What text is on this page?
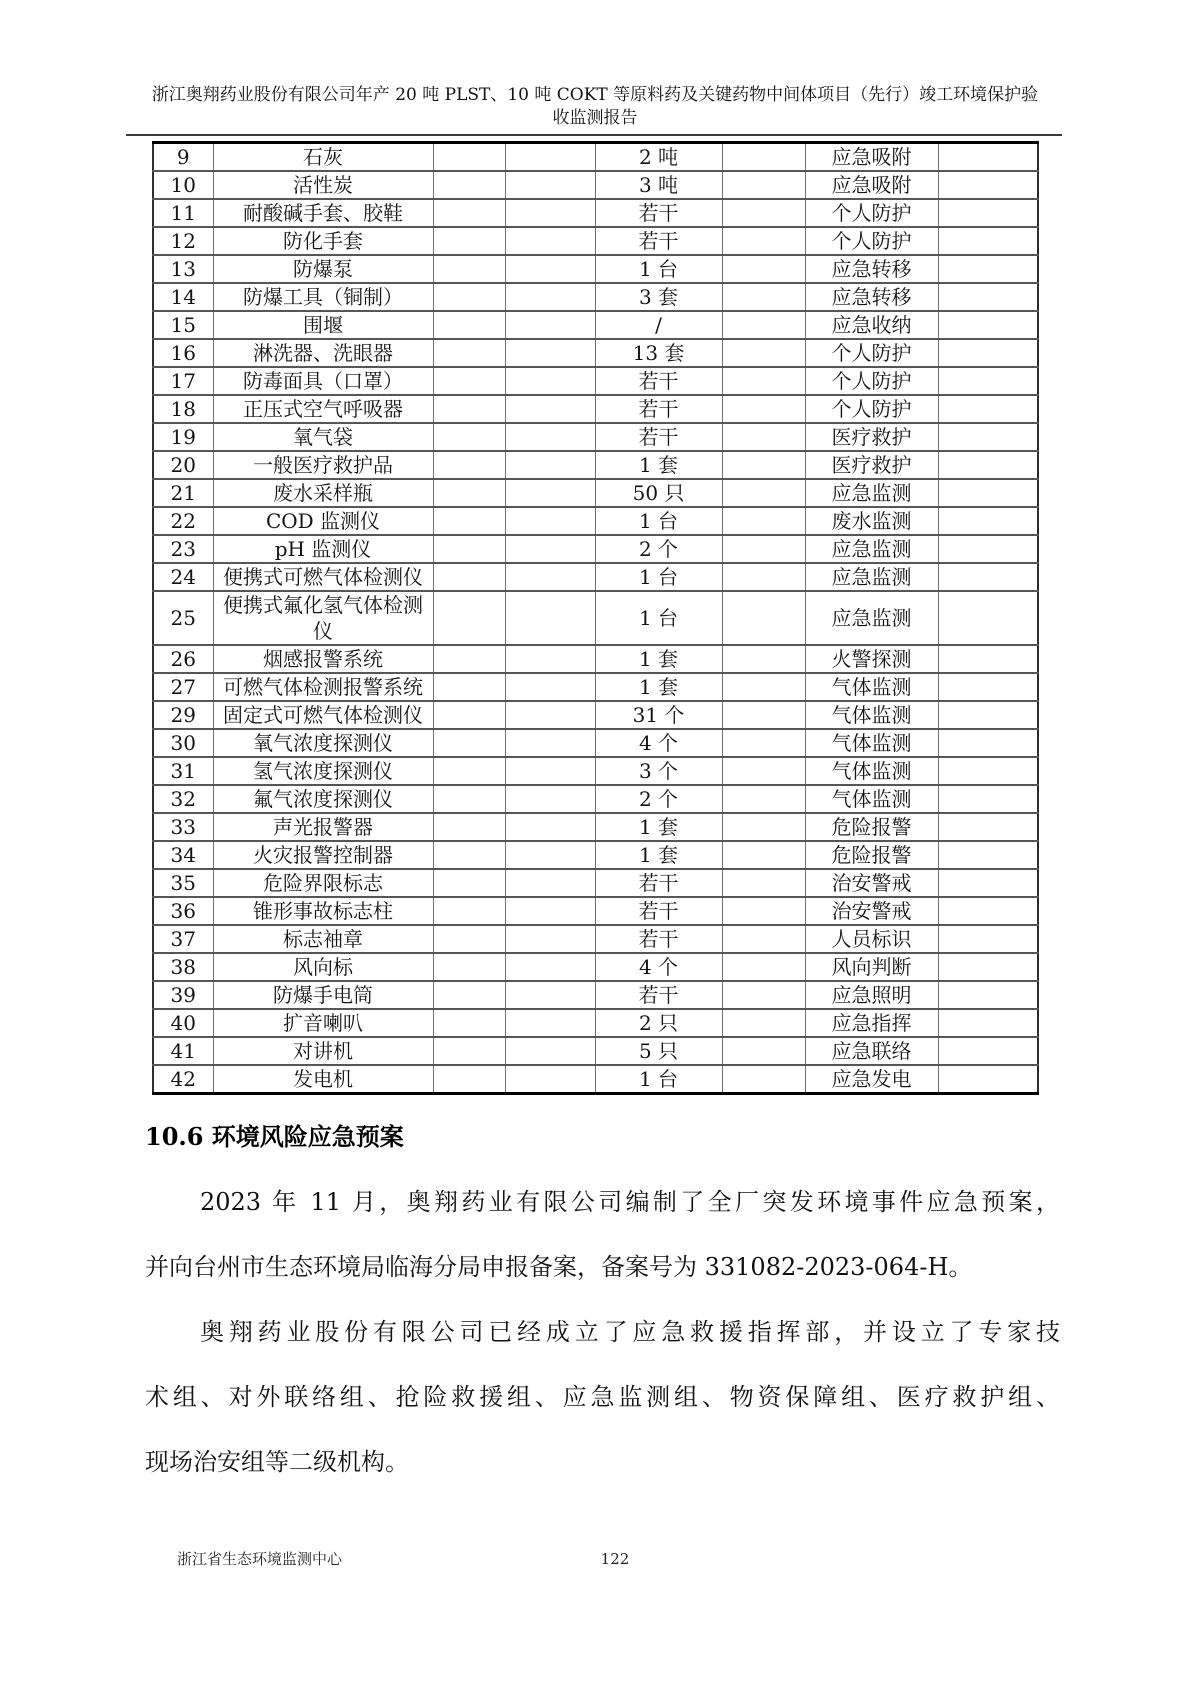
浙江奥翔药业股份有限公司年产 20 吨 PLST、10 吨 COKT 等原料药及关键药物中间体项目（先行）竣工环境保护验
收监测报告
9	石灰			2 吨		应急吸附	
10	活性炭			3 吨		应急吸附	
11	耐酸碱手套、胶鞋			若干		个人防护	
12	防化手套			若干		个人防护	
13	防爆泵			1 台		应急转移	
14	防爆工具（铜制）			3 套		应急转移	
15	围堰			/		应急收纳	
16	淋洗器、洗眼器			13 套		个人防护	
17	防毒面具（口罩）			若干		个人防护	
18	正压式空气呼吸器			若干		个人防护	
19	氧气袋			若干		医疗救护	
20	一般医疗救护品			1 套		医疗救护	
21	废水采样瓶			50 只		应急监测	
22	COD 监测仪			1 台		废水监测	
23	pH 监测仪			2 个		应急监测	
24	便携式可燃气体检测仪			1 台		应急监测	
25	便携式氟化氢气体检测仪			1 台		应急监测	
26	烟感报警系统			1 套		火警探测	
27	可燃气体检测报警系统			1 套		气体监测	
29	固定式可燃气体检测仪			31 个		气体监测	
30	氧气浓度探测仪			4 个		气体监测	
31	氢气浓度探测仪			3 个		气体监测	
32	氟气浓度探测仪			2 个		气体监测	
33	声光报警器			1 套		危险报警	
34	火灾报警控制器			1 套		危险报警	
35	危险界限标志			若干		治安警戒	
36	锥形事故标志柱			若干		治安警戒	
37	标志袖章			若干		人员标识	
38	风向标			4 个		风向判断	
39	防爆手电筒			若干		应急照明	
40	扩音喇叭			2 只		应急指挥	
41	对讲机			5 只		应急联络	
42	发电机			1 台		应急发电	
10.6 环境风险应急预案
2023 年 11 月，奥翔药业有限公司编制了全厂突发环境事件应急预案，
并向台州市生态环境局临海分局申报备案，备案号为 331082-2023-064-H。
奥翔药业股份有限公司已经成立了应急救援指挥部，并设立了专家技
术组、对外联络组、抢险救援组、应急监测组、物资保障组、医疗救护组、
现场治安组等二级机构。
浙江省生态环境监测中心	122
